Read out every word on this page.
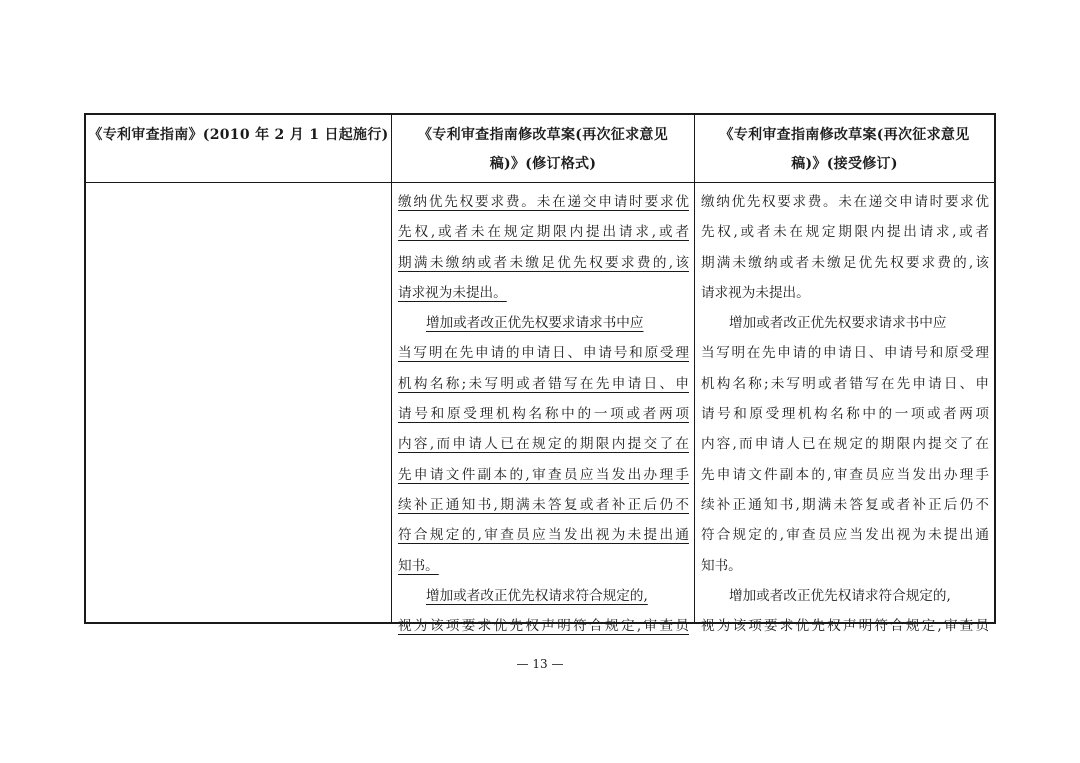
《专利审查指南》(2010 年 2 月 1 日起施行)	《专利审查指南修改草案(再次征求意见
稿)》(修订格式)
《专利审查指南修改草案(再次征求意见
稿)》(接受修订)
缴纳优先权要求费。未在递交申请时要求优
先权,或者未在规定期限内提出请求,或者
期满未缴纳或者未缴足优先权要求费的,该
请求视为未提出。
增加或者改正优先权要求请求书中应
当写明在先申请的申请日、申请号和原受理
机构名称;未写明或者错写在先申请日、申
请号和原受理机构名称中的一项或者两项
内容,而申请人已在规定的期限内提交了在
先申请文件副本的,审查员应当发出办理手
续补正通知书,期满未答复或者补正后仍不
符合规定的,审查员应当发出视为未提出通
知书。
增加或者改正优先权请求符合规定的,
视为该项要求优先权声明符合规定,审查员
缴纳优先权要求费。未在递交申请时要求优
先权,或者未在规定期限内提出请求,或者
期满未缴纳或者未缴足优先权要求费的,该
请求视为未提出。
增加或者改正优先权要求请求书中应
当写明在先申请的申请日、申请号和原受理
机构名称;未写明或者错写在先申请日、申
请号和原受理机构名称中的一项或者两项
内容,而申请人已在规定的期限内提交了在
先申请文件副本的,审查员应当发出办理手
续补正通知书,期满未答复或者补正后仍不
符合规定的,审查员应当发出视为未提出通
知书。
增加或者改正优先权请求符合规定的,
视为该项要求优先权声明符合规定,审查员
— 13 —
